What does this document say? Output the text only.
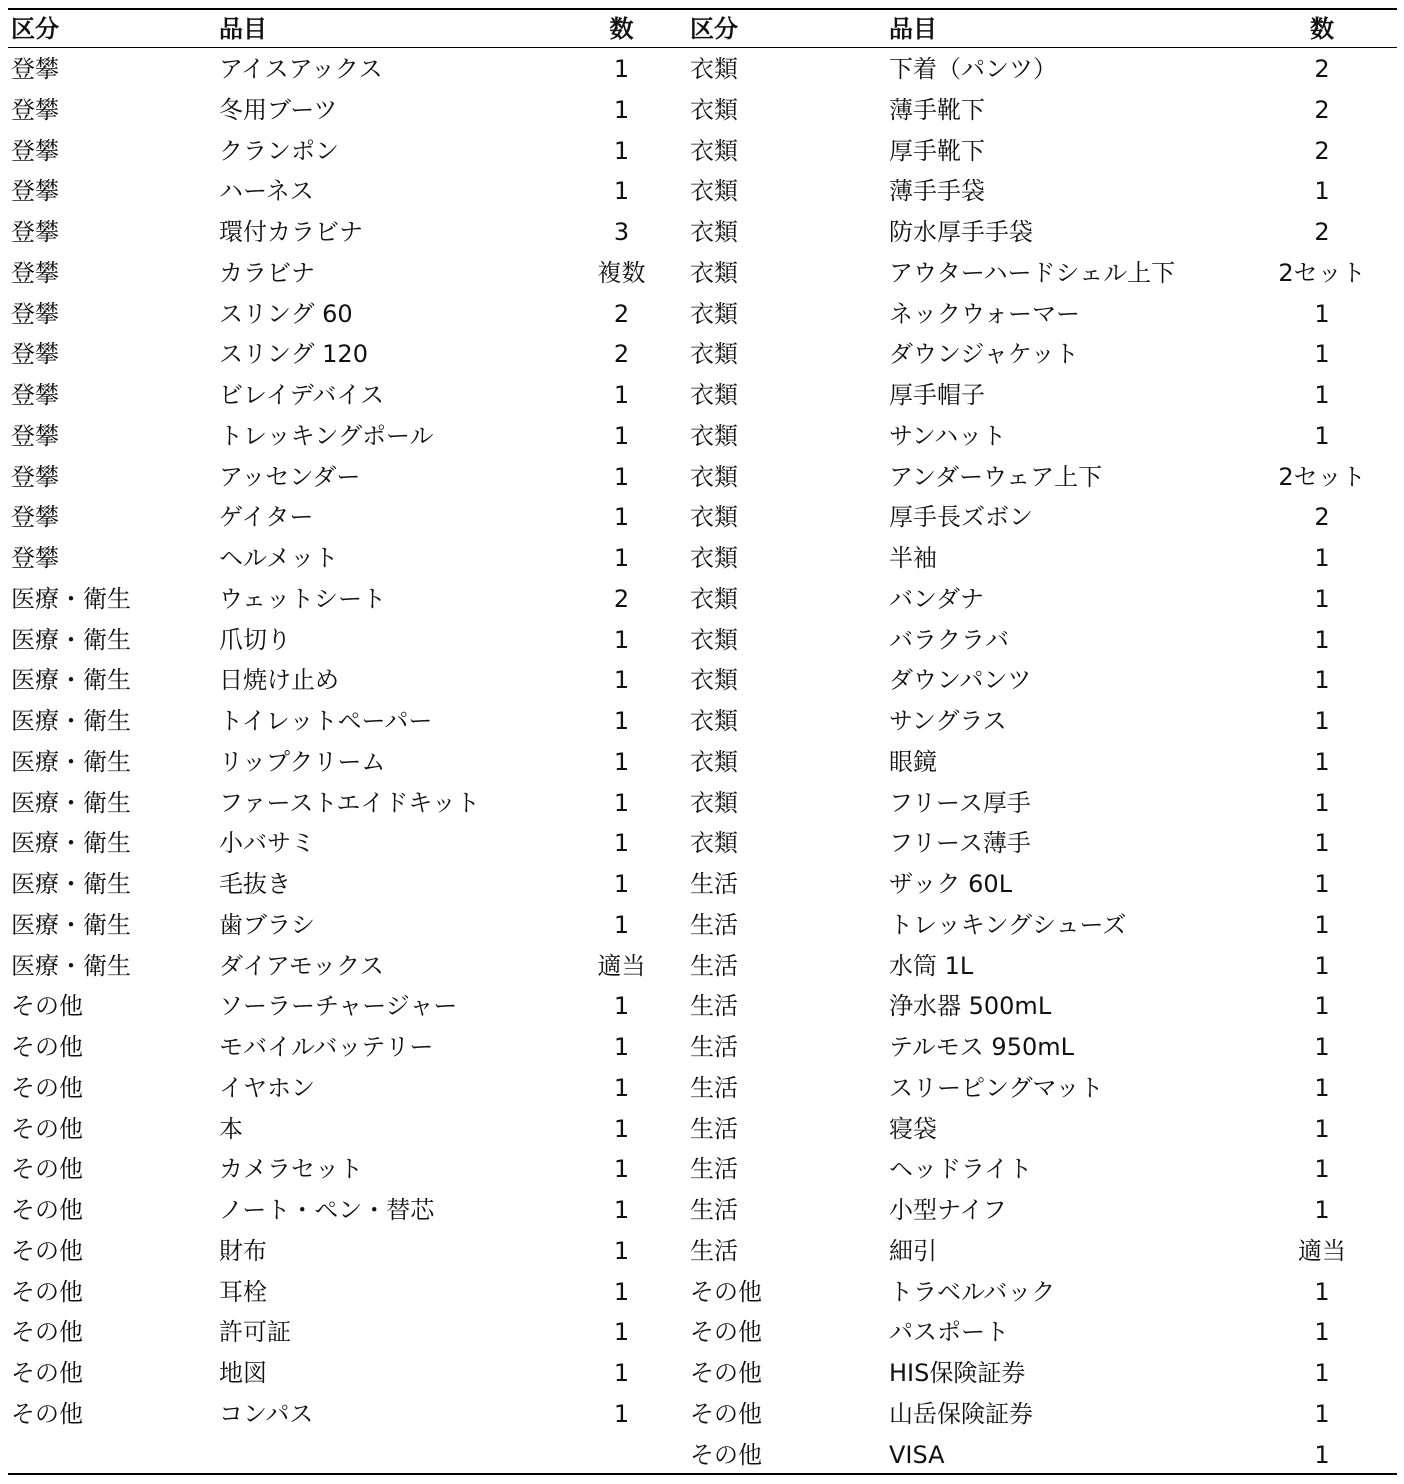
区分	品目	数	区分	品目	数
登攀	アイスアックス	1	衣類	下着（パンツ）	2
登攀	冬用ブーツ	1	衣類	薄手靴下	2
登攀	クランポン	1	衣類	厚手靴下	2
登攀	ハーネス	1	衣類	薄手手袋	1
登攀	環付カラビナ	3	衣類	防水厚手手袋	2
登攀	カラビナ	複数	衣類	アウターハードシェル上下	2セット
登攀	スリング 60	2	衣類	ネックウォーマー	1
登攀	スリング 120	2	衣類	ダウンジャケット	1
登攀	ビレイデバイス	1	衣類	厚手帽子	1
登攀	トレッキングポール	1	衣類	サンハット	1
登攀	アッセンダー	1	衣類	アンダーウェア上下	2セット
登攀	ゲイター	1	衣類	厚手長ズボン	2
登攀	ヘルメット	1	衣類	半袖	1
医療・衛生	ウェットシート	2	衣類	バンダナ	1
医療・衛生	爪切り	1	衣類	バラクラバ	1
医療・衛生	日焼け止め	1	衣類	ダウンパンツ	1
医療・衛生	トイレットペーパー	1	衣類	サングラス	1
医療・衛生	リップクリーム	1	衣類	眼鏡	1
医療・衛生	ファーストエイドキット	1	衣類	フリース厚手	1
医療・衛生	小バサミ	1	衣類	フリース薄手	1
医療・衛生	毛抜き	1	生活	ザック 60L	1
医療・衛生	歯ブラシ	1	生活	トレッキングシューズ	1
医療・衛生	ダイアモックス	適当	生活	水筒 1L	1
その他	ソーラーチャージャー	1	生活	浄水器 500mL	1
その他	モバイルバッテリー	1	生活	テルモス 950mL	1
その他	イヤホン	1	生活	スリーピングマット	1
その他	本	1	生活	寝袋	1
その他	カメラセット	1	生活	ヘッドライト	1
その他	ノート・ペン・替芯	1	生活	小型ナイフ	1
その他	財布	1	生活	細引	適当
その他	耳栓	1	その他	トラベルバック	1
その他	許可証	1	その他	パスポート	1
その他	地図	1	その他	HIS保険証券	1
その他	コンパス	1	その他	山岳保険証券	1
			その他	VISA	1
